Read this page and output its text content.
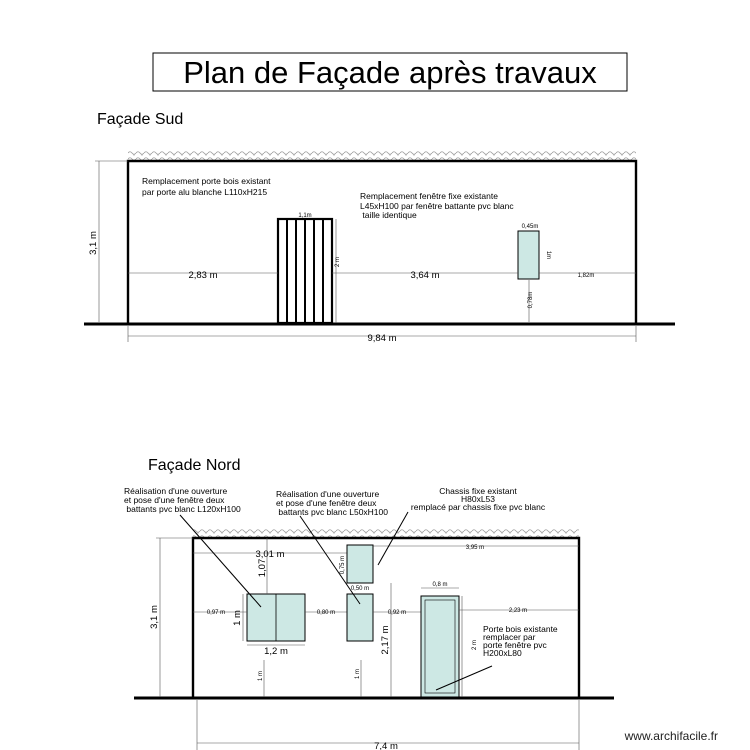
Plan de Façade après travaux
Façade Sud
3,1 m
1,1m
2 m
Remplacement porte bois existant
par porte alu blanche L110xH215
0,45m
1m
0,78m
Remplacement fenêtre fixe existante
L45xH100 par fenêtre battante pvc blanc
taille identique
2,83 m	3,64 m	1,82m
9,84 m
Façade Nord
3,1 m
3,01 m
3,95 m
0,75 m
0,50 m
1,07
0,97 m 1 m
1,2 m
1 m
0,80 m
1 m
0,92 m
2,17 m
0,8 m
2 m
2,23 m
Réalisation d'une ouverture
et pose d'une fenêtre deux
battants pvc blanc L120xH100
Réalisation d'une ouverture
et pose d'une fenêtre deux
battants pvc blanc L50xH100
Chassis fixe existant
H80xL53
remplacé par chassis fixe pvc blanc
Porte bois existante
remplacer par
porte fenêtre pvc
H200xL80
7,4 m
www.archifacile.fr
